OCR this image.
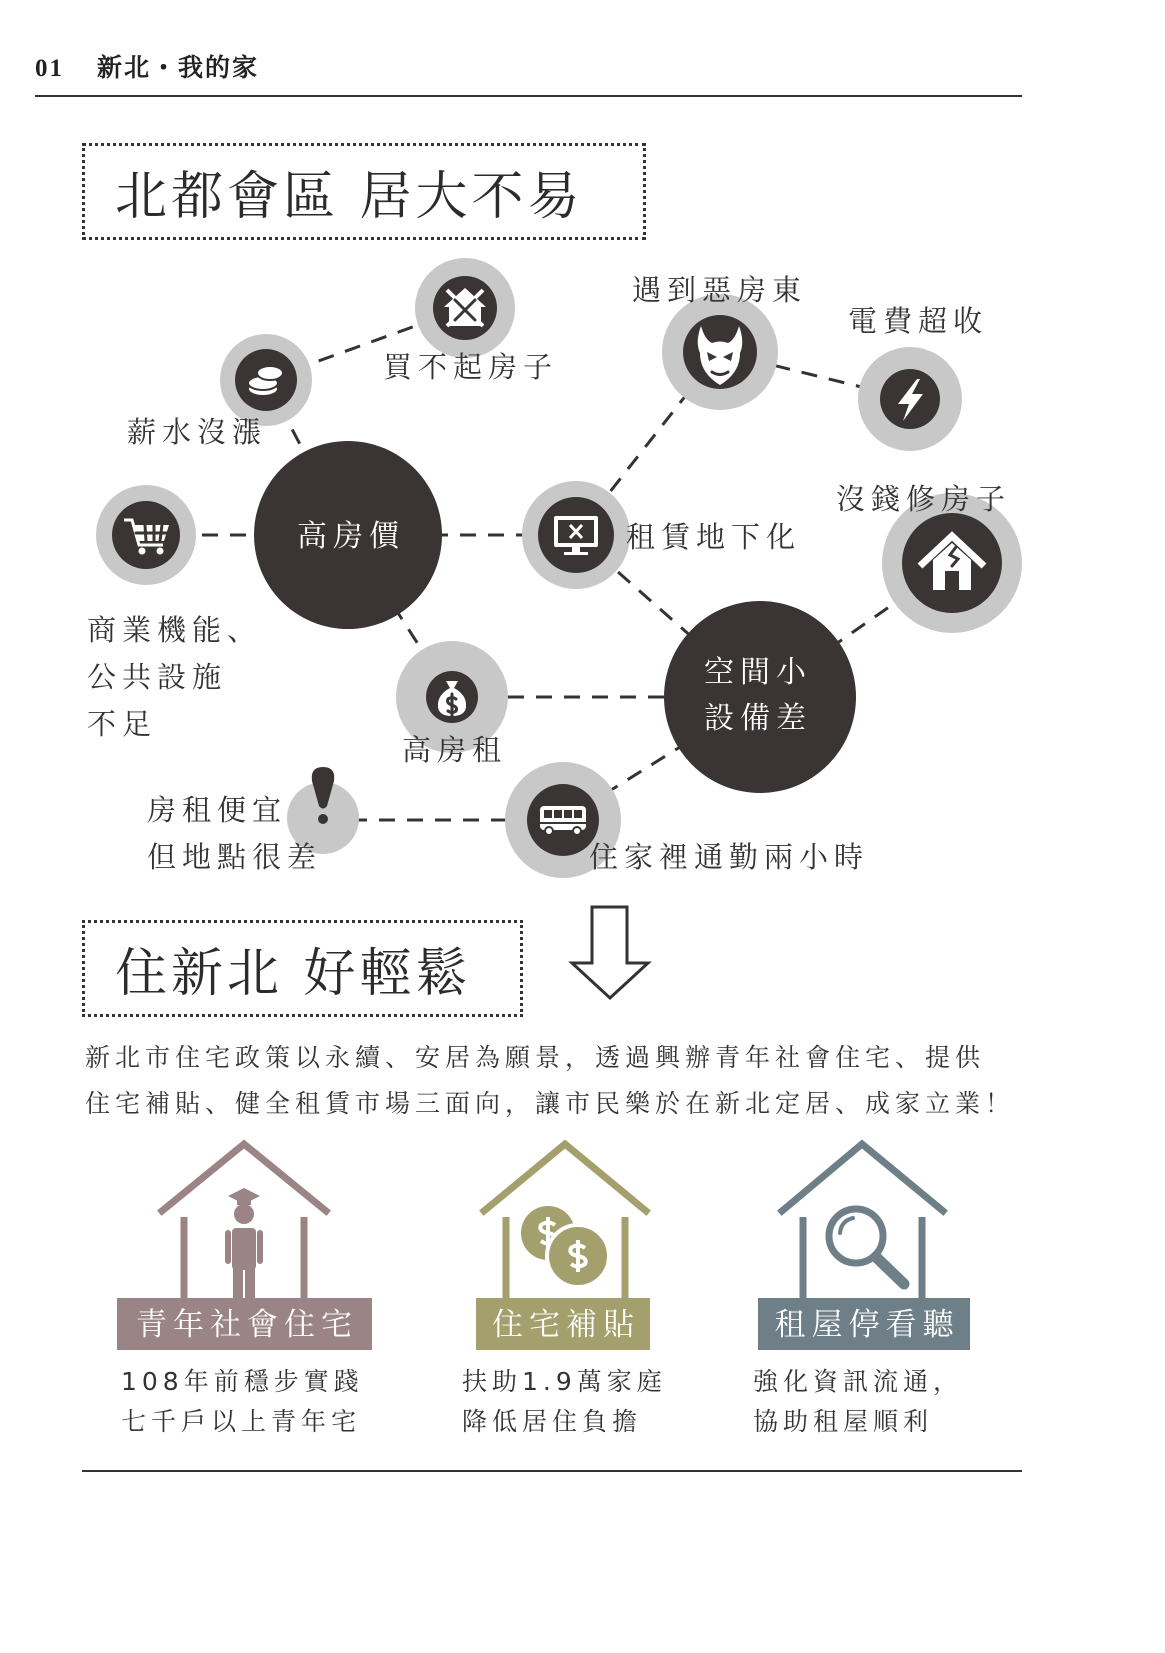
高房價
空間小
設備差
薪水沒漲
買不起房子
遇到惡房東
電費超收
沒錢修房子
租賃地下化
商業機能、
公共設施
不足
高房租
房租便宜
但地點很差	住家裡通勤兩小時
青年社會住宅	住宅補貼	租屋停看聽
01 新北・我的家
北都會區 居大不易
住新北 好輕鬆
新北市住宅政策以永續、安居為願景，透過興辦青年社會住宅、提供
住宅補貼、健全租賃市場三面向，讓市民樂於在新北定居、成家立業！
108年前穩步實踐
七千戶以上青年宅
扶助1.9萬家庭
降低居住負擔
強化資訊流通，
協助租屋順利
